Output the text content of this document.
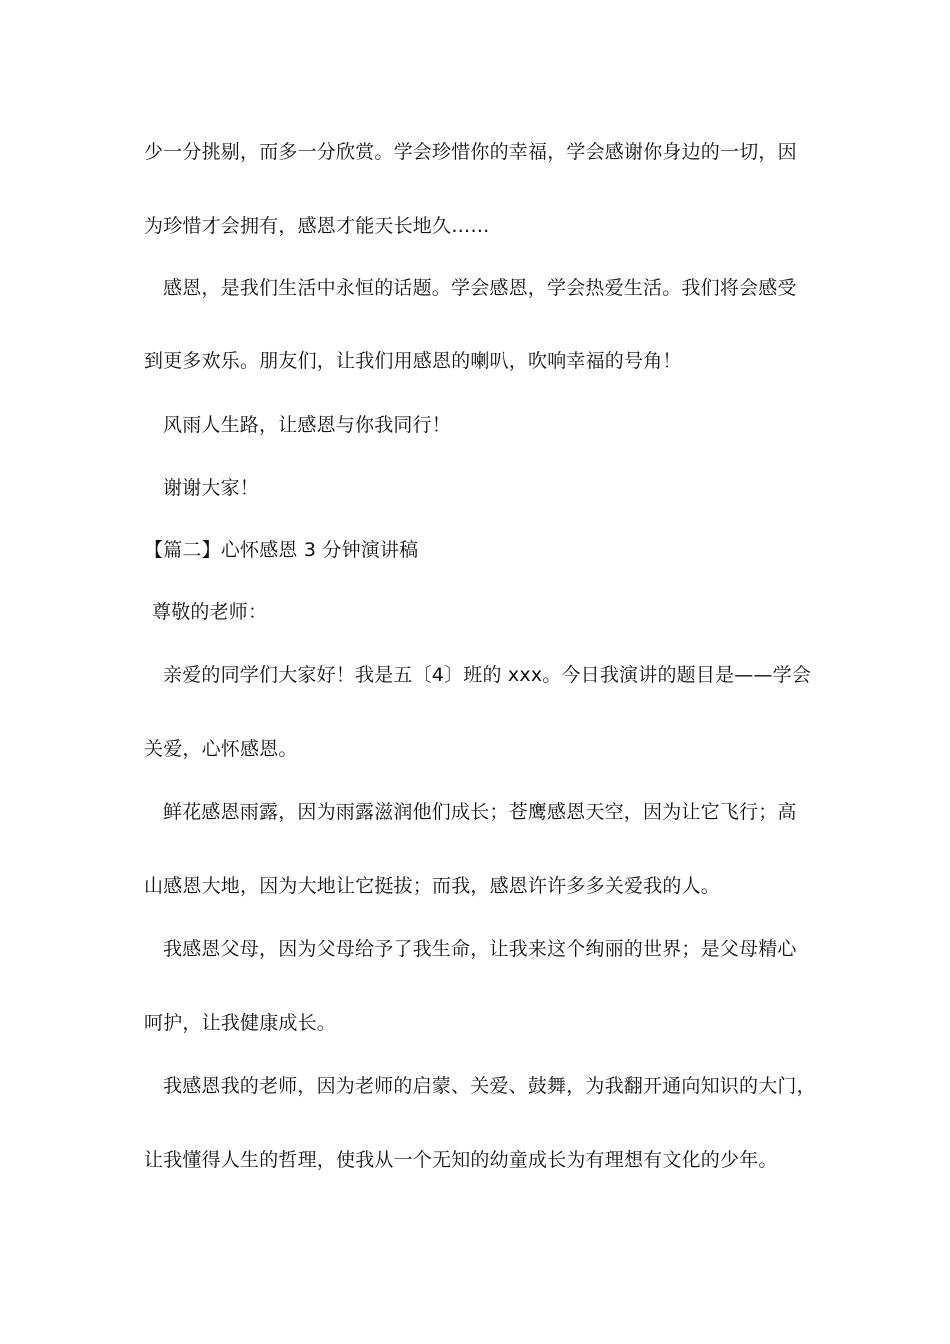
少一分挑剔，而多一分欣赏。学会珍惜你的幸福，学会感谢你身边的一切，因
为珍惜才会拥有，感恩才能天长地久……
感恩，是我们生活中永恒的话题。学会感恩，学会热爱生活。我们将会感受
到更多欢乐。朋友们，让我们用感恩的喇叭，吹响幸福的号角！
风雨人生路，让感恩与你我同行！
谢谢大家！
【篇二】心怀感恩 3 分钟演讲稿
尊敬的老师：
亲爱的同学们大家好！我是五〔4〕班的 xxx。今日我演讲的题目是——学会
关爱，心怀感恩。
鲜花感恩雨露，因为雨露滋润他们成长；苍鹰感恩天空，因为让它飞行；高
山感恩大地，因为大地让它挺拔；而我，感恩许许多多关爱我的人。
我感恩父母，因为父母给予了我生命，让我来这个绚丽的世界；是父母精心
呵护，让我健康成长。
我感恩我的老师，因为老师的启蒙、关爱、鼓舞，为我翻开通向知识的大门，
让我懂得人生的哲理，使我从一个无知的幼童成长为有理想有文化的少年。
